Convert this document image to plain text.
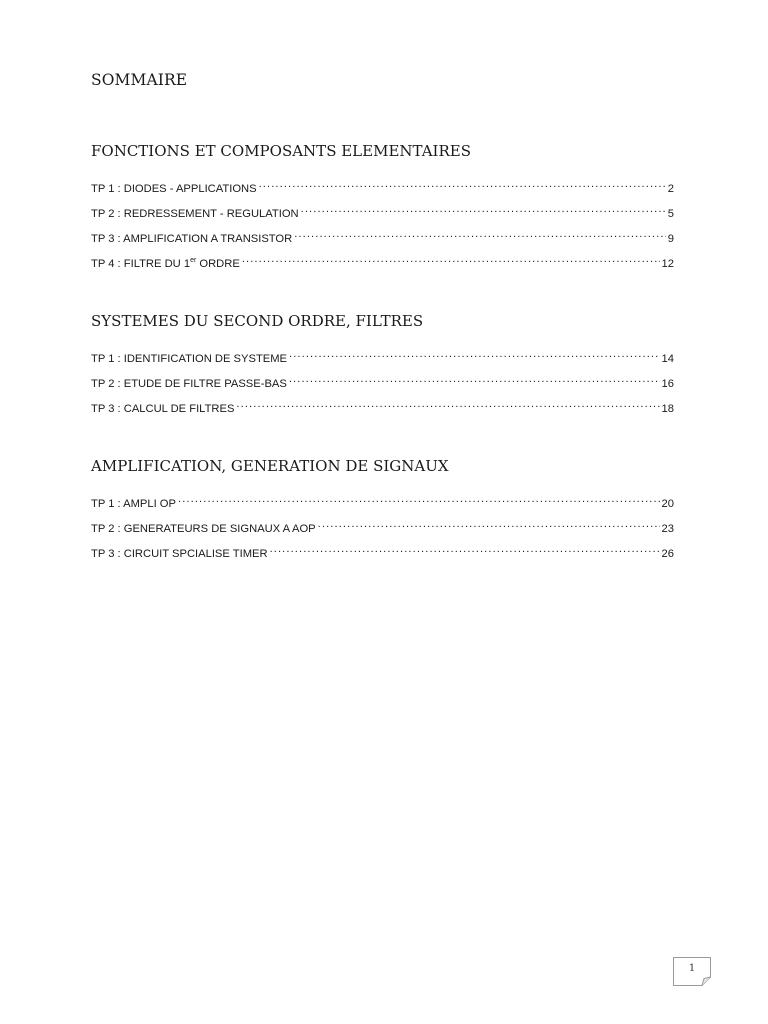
SOMMAIRE
FONCTIONS ET COMPOSANTS ELEMENTAIRES
TP 1 : DIODES - APPLICATIONS .....	2
TP 2 : REDRESSEMENT - REGULATION .....	5
TP 3 : AMPLIFICATION A TRANSISTOR .....	9
TP 4 : FILTRE DU 1er ORDRE .....	12
SYSTEMES DU SECOND ORDRE, FILTRES
TP 1 : IDENTIFICATION DE SYSTEME .....	14
TP 2 : ETUDE DE FILTRE PASSE-BAS .....	16
TP 3 : CALCUL DE FILTRES .....	18
AMPLIFICATION, GENERATION DE SIGNAUX
TP 1 : AMPLI OP .....	20
TP 2 : GENERATEURS DE SIGNAUX A AOP .....	23
TP 3 : CIRCUIT SPCIALISE TIMER .....	26
1
